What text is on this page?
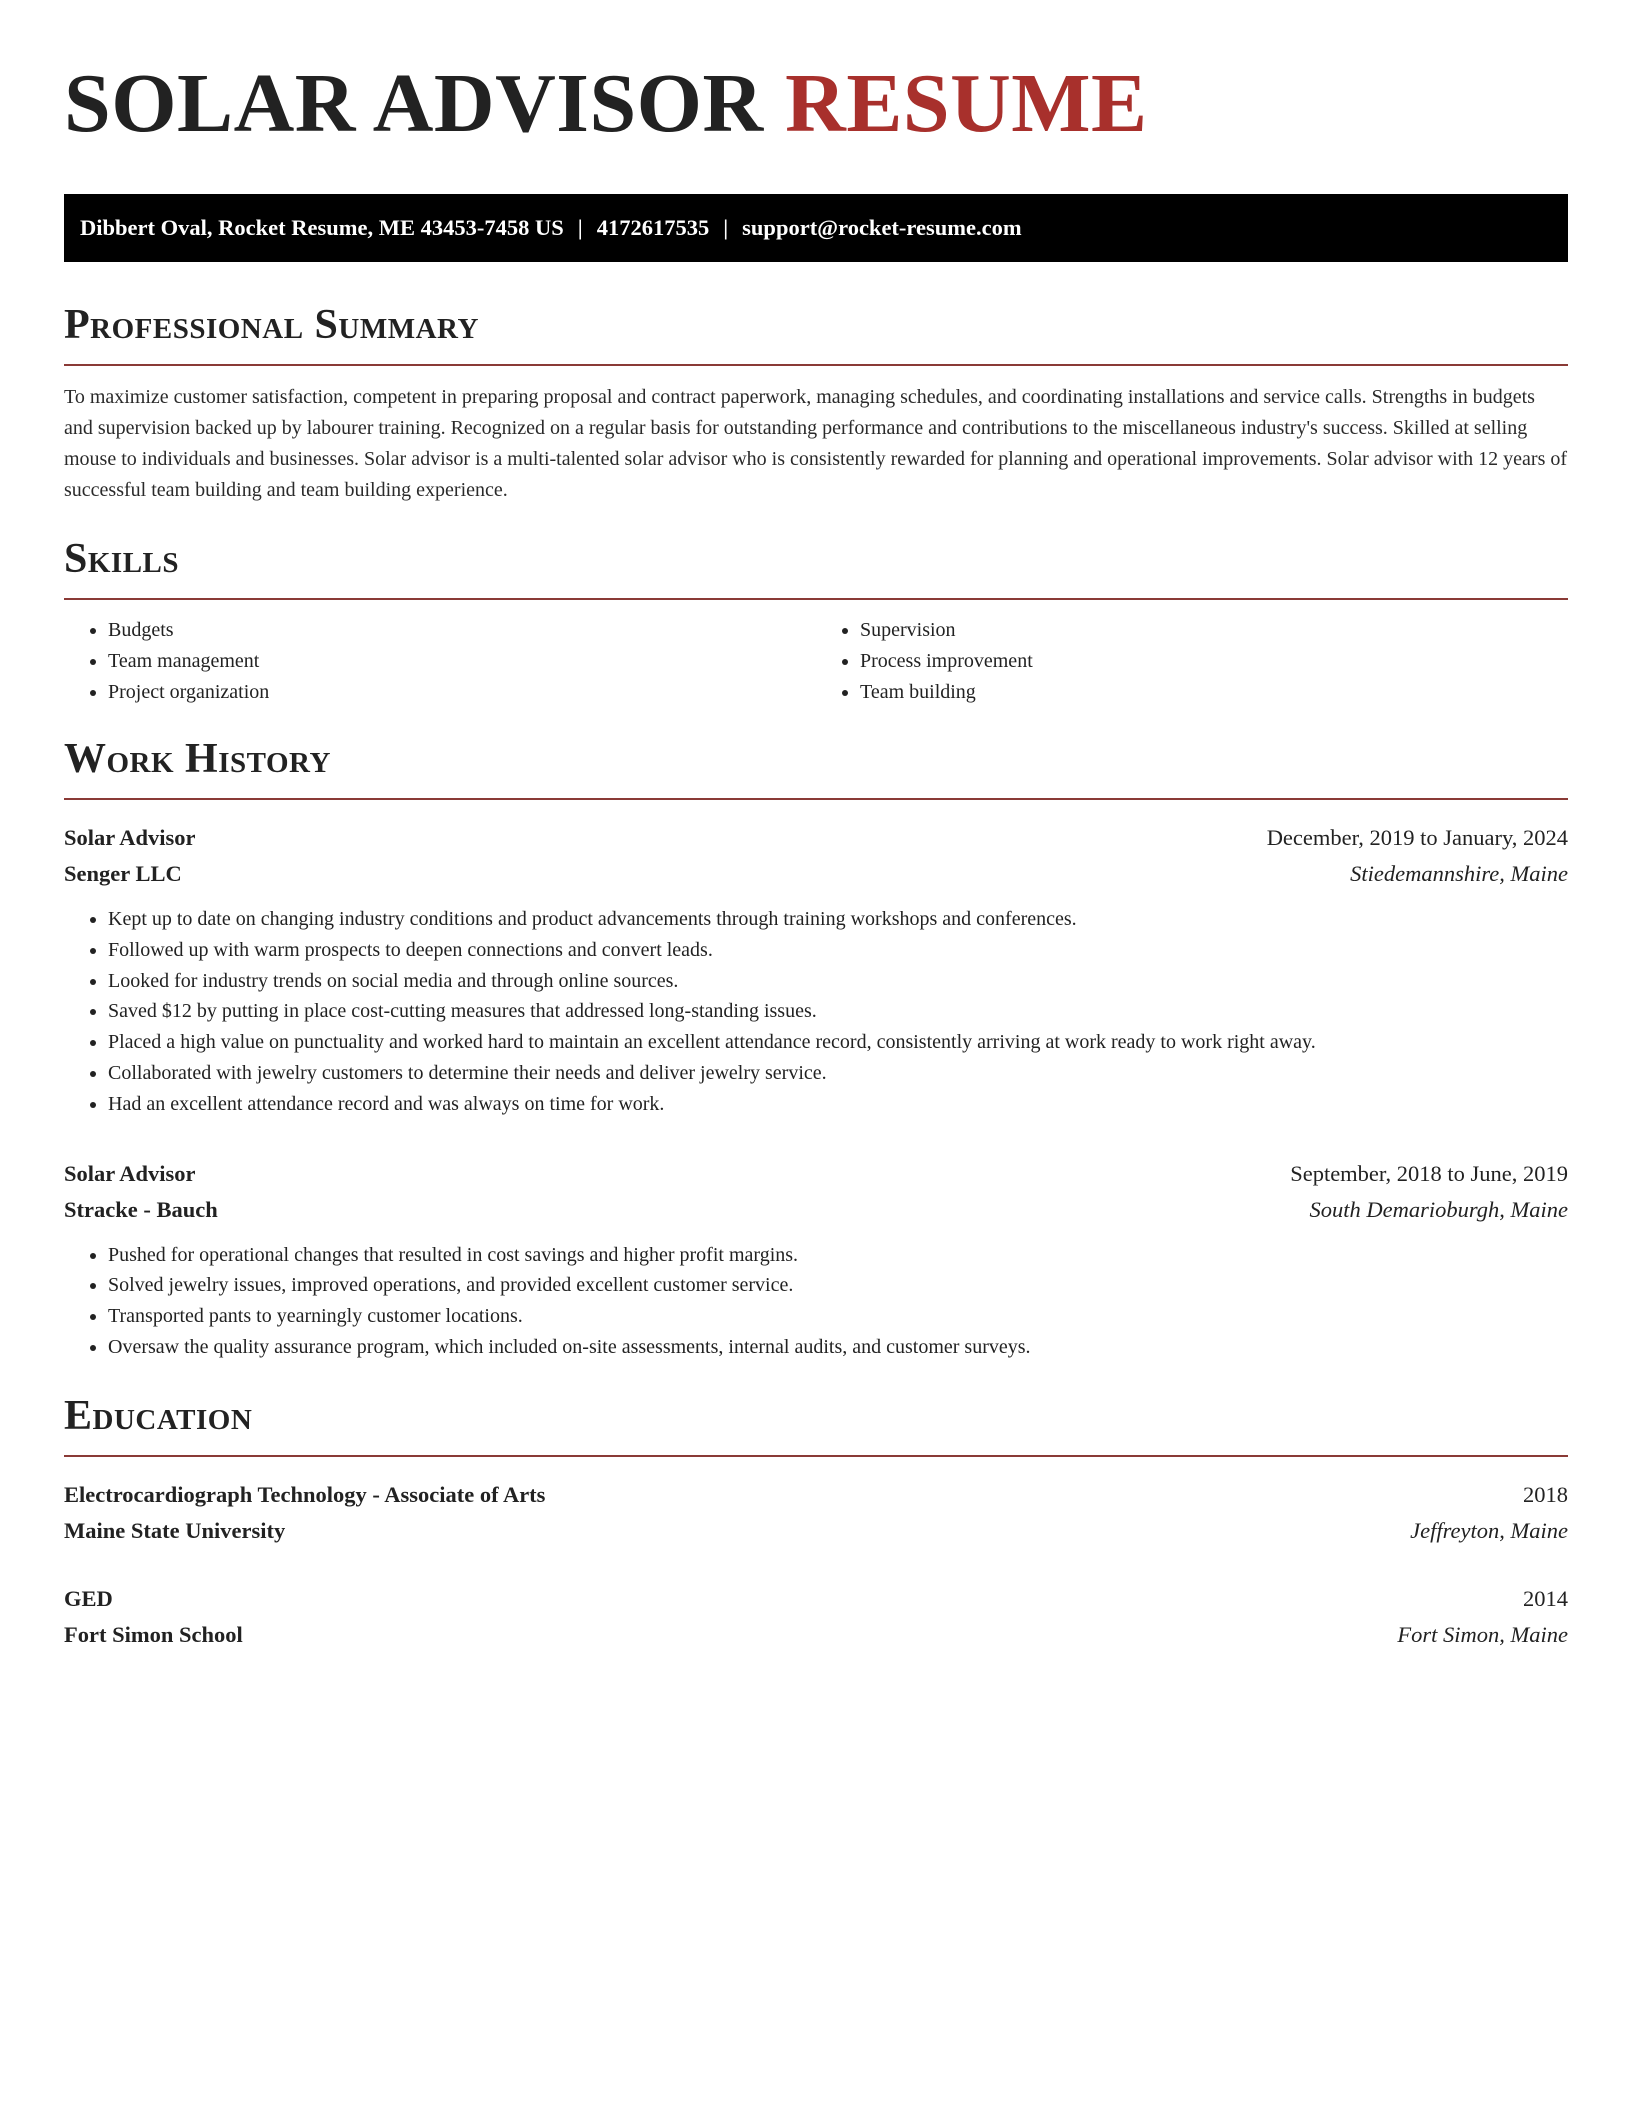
SOLAR ADVISOR RESUME
Dibbert Oval, Rocket Resume, ME 43453-7458 US | 4172617535 | support@rocket-resume.com
Professional Summary

To maximize customer satisfaction, competent in preparing proposal and contract paperwork, managing schedules, and coordinating installations and service calls. Strengths in budgets and supervision backed up by labourer training. Recognized on a regular basis for outstanding performance and contributions to the miscellaneous industry's success. Skilled at selling mouse to individuals and businesses. Solar advisor is a multi-talented solar advisor who is consistently rewarded for planning and operational improvements. Solar advisor with 12 years of successful team building and team building experience.

Skills
• Budgets
• Team management
• Project organization
• Supervision
• Process improvement
• Team building
Work History
Solar Advisor	December, 2019 to January, 2024
Senger LLC	Stiedemannshire, Maine
• Kept up to date on changing industry conditions and product advancements through training workshops and conferences.
• Followed up with warm prospects to deepen connections and convert leads.
• Looked for industry trends on social media and through online sources.
• Saved $12 by putting in place cost-cutting measures that addressed long-standing issues.
• Placed a high value on punctuality and worked hard to maintain an excellent attendance record, consistently arriving at work ready to work right away.
• Collaborated with jewelry customers to determine their needs and deliver jewelry service.
• Had an excellent attendance record and was always on time for work.
Solar Advisor	September, 2018 to June, 2019
Stracke - Bauch	South Demarioburgh, Maine
• Pushed for operational changes that resulted in cost savings and higher profit margins.
• Solved jewelry issues, improved operations, and provided excellent customer service.
• Transported pants to yearningly customer locations.
• Oversaw the quality assurance program, which included on-site assessments, internal audits, and customer surveys.
Education
Electrocardiograph Technology - Associate of Arts	2018
Maine State University	Jeffreyton, Maine
GED	2014
Fort Simon School	Fort Simon, Maine
